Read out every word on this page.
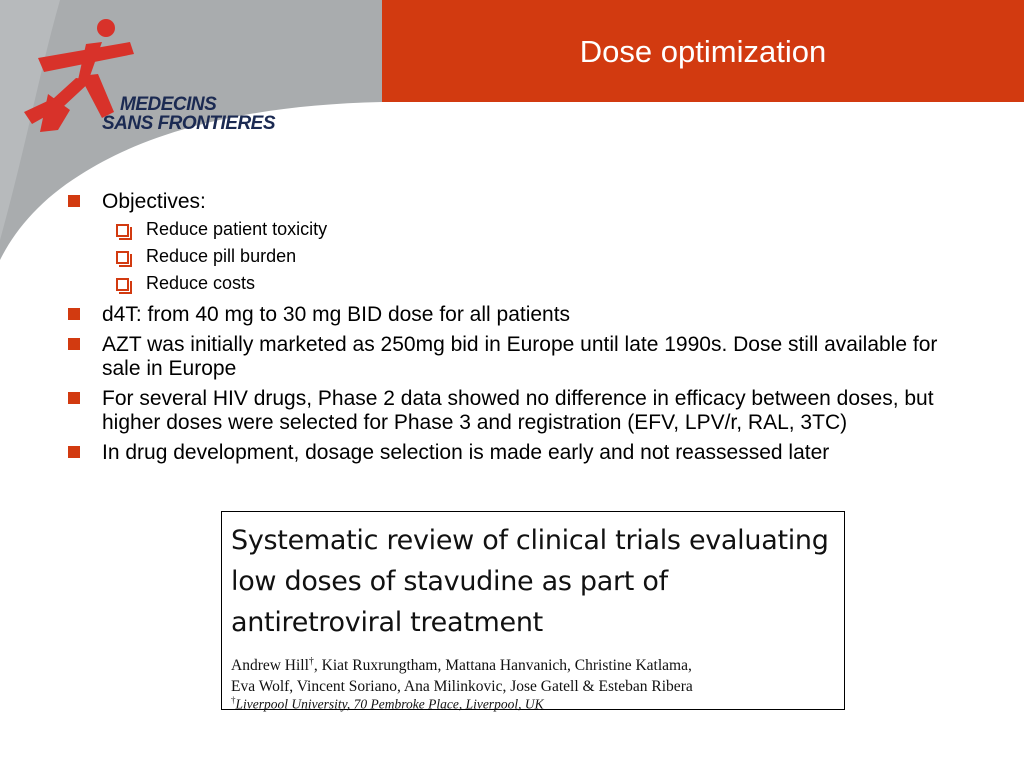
Dose optimization
MEDECINS
SANS FRONTIERES
Objectives:
Reduce patient toxicity
Reduce pill burden
Reduce costs
d4T: from 40 mg to 30 mg BID dose for all patients
AZT was initially marketed as 250mg bid in Europe until late 1990s. Dose still available for sale in Europe
For several HIV drugs, Phase 2 data showed no difference in efficacy between doses, but higher doses were selected for Phase 3 and registration (EFV, LPV/r, RAL, 3TC)
In drug development, dosage selection is made early and not reassessed later
Systematic review of clinical trials evaluating low doses of stavudine as part of antiretroviral treatment
Andrew Hill†, Kiat Ruxrungtham, Mattana Hanvanich, Christine Katlama,
Eva Wolf, Vincent Soriano, Ana Milinkovic, Jose Gatell & Esteban Ribera
†Liverpool University, 70 Pembroke Place, Liverpool, UK
